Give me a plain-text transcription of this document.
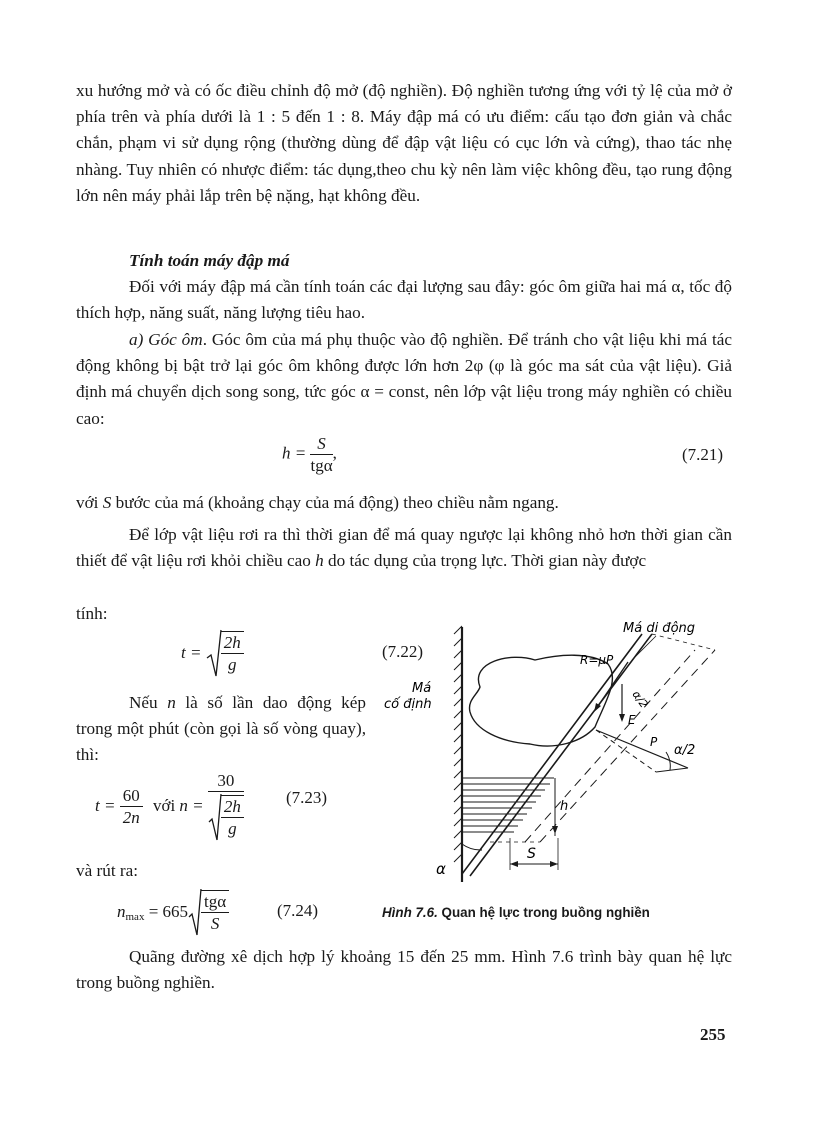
xu hướng mở và có ốc điều chỉnh độ mở (độ nghiền). Độ nghiền tương ứng với tỷ lệ của mở ở phía trên và phía dưới là 1 : 5 đến 1 : 8. Máy đập má có ưu điểm: cấu tạo đơn giản và chắc chắn, phạm vi sử dụng rộng (thường dùng để đập vật liệu có cục lớn và cứng), thao tác nhẹ nhàng. Tuy nhiên có nhược điểm: tác dụng,theo chu kỳ nên làm việc không đều, tạo rung động lớn nên máy phải lắp trên bệ nặng, hạt không đều.
Tính toán máy đập má
Đối với máy đập má cần tính toán các đại lượng sau đây: góc ôm giữa hai má α, tốc độ thích hợp, năng suất, năng lượng tiêu hao.
a) Góc ôm. Góc ôm của má phụ thuộc vào độ nghiền. Để tránh cho vật liệu khi má tác động không bị bật trở lại góc ôm không được lớn hơn 2φ (φ là góc ma sát của vật liệu). Giả định má chuyển dịch song song, tức góc α = const, nên lớp vật liệu trong máy nghiền có chiều cao:
$h = \frac{S}{\text{tgα}}$ ,	(7.21)
với S bước của má (khoảng chạy của má động) theo chiều nằm ngang.
Để lớp vật liệu rơi ra thì thời gian để má quay ngược lại không nhỏ hơn thời gian cần thiết để vật liệu rơi khỏi chiều cao h do tác dụng của trọng lực. Thời gian này được
tính:
$t = \frac{2h}{g}$	(7.22)
Nếu n là số lần dao động kép trong một phút (còn gọi là số vòng quay), thì:
$t = \frac{60}{2n}$ với $n = \frac{30}{\frac{2h}{g}} (7.23)$
và rút ra:
$n_{max} = 665 \frac{\text{tgα}}{S}$	(7.24)
Má di động
Má
cố định
R=μP
α/2
E
P
α/2
h
S
α
Hình 7.6. Quan hệ lực trong buồng nghiền
Quãng đường xê dịch hợp lý khoảng 15 đến 25 mm. Hình 7.6 trình bày quan hệ lực trong buồng nghiền.
255
